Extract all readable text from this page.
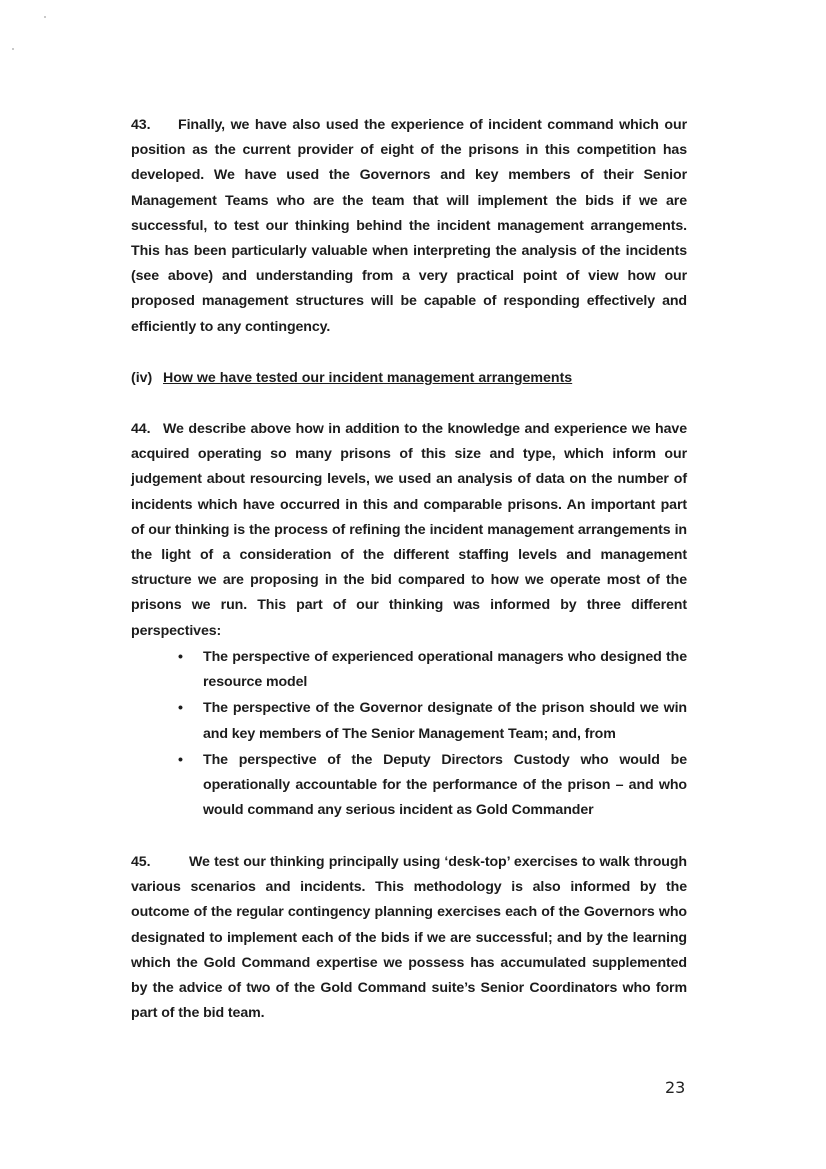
43. Finally, we have also used the experience of incident command which our position as the current provider of eight of the prisons in this competition has developed. We have used the Governors and key members of their Senior Management Teams who are the team that will implement the bids if we are successful, to test our thinking behind the incident management arrangements. This has been particularly valuable when interpreting the analysis of the incidents (see above) and understanding from a very practical point of view how our proposed management structures will be capable of responding effectively and efficiently to any contingency.

(iv) How we have tested our incident management arrangements

44. We describe above how in addition to the knowledge and experience we have acquired operating so many prisons of this size and type, which inform our judgement about resourcing levels, we used an analysis of data on the number of incidents which have occurred in this and comparable prisons. An important part of our thinking is the process of refining the incident management arrangements in the light of a consideration of the different staffing levels and management structure we are proposing in the bid compared to how we operate most of the prisons we run. This part of our thinking was informed by three different perspectives:

• The perspective of experienced operational managers who designed the resource model
• The perspective of the Governor designate of the prison should we win and key members of The Senior Management Team; and, from
• The perspective of the Deputy Directors Custody who would be operationally accountable for the performance of the prison – and who would command any serious incident as Gold Commander

45.	We test our thinking principally using ‘desk-top’ exercises to walk through various scenarios and incidents. This methodology is also informed by the outcome of the regular contingency planning exercises each of the Governors who designated to implement each of the bids if we are successful; and by the learning which the Gold Command expertise we possess has accumulated supplemented by the advice of two of the Gold Command suite’s Senior Coordinators who form part of the bid team.

23
